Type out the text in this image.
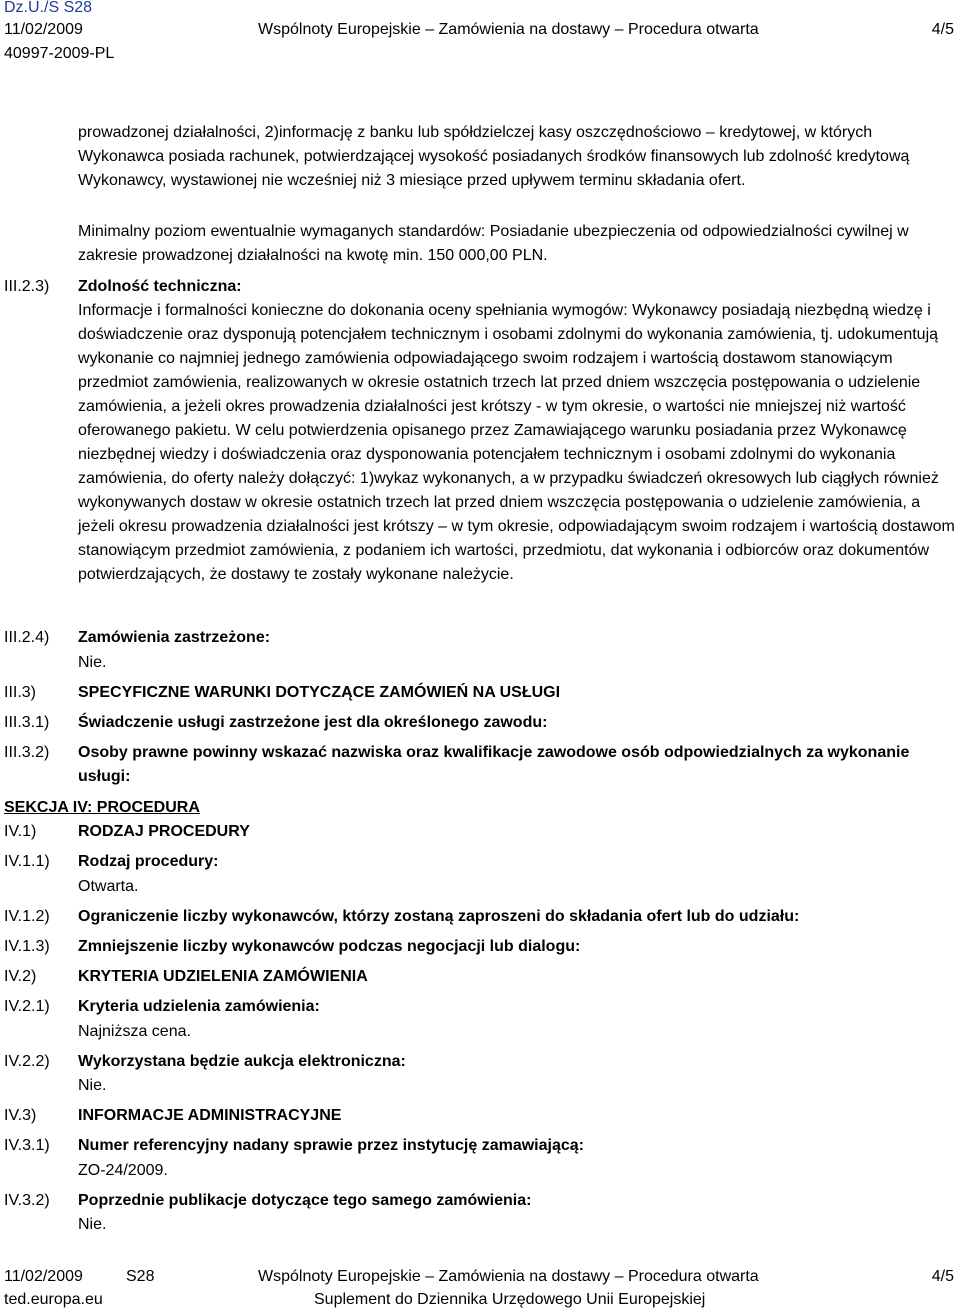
Dz.U./S S28
11/02/2009	Wspólnoty Europejskie – Zamówienia na dostawy – Procedura otwarta	4/5
40997-2009-PL

prowadzonej działalności, 2)informację z banku lub spółdzielczej kasy oszczędnościowo – kredytowej, w których Wykonawca posiada rachunek, potwierdzającej wysokość posiadanych środków finansowych lub zdolność kredytową Wykonawcy, wystawionej nie wcześniej niż 3 miesiące przed upływem terminu składania ofert.

Minimalny poziom ewentualnie wymaganych standardów: Posiadanie ubezpieczenia od odpowiedzialności cywilnej w zakresie prowadzonej działalności na kwotę min. 150 000,00 PLN.

III.2.3) Zdolność techniczna:

Informacje i formalności konieczne do dokonania oceny spełniania wymogów: Wykonawcy posiadają niezbędną wiedzę i doświadczenie oraz dysponują potencjałem technicznym i osobami zdolnymi do wykonania zamówienia, tj. udokumentują wykonanie co najmniej jednego zamówienia odpowiadającego swoim rodzajem i wartością dostawom stanowiącym przedmiot zamówienia, realizowanych w okresie ostatnich trzech lat przed dniem wszczęcia postępowania o udzielenie zamówienia, a jeżeli okres prowadzenia działalności jest krótszy - w tym okresie, o wartości nie mniejszej niż wartość oferowanego pakietu. W celu potwierdzenia opisanego przez Zamawiającego warunku posiadania przez Wykonawcę niezbędnej wiedzy i doświadczenia oraz dysponowania potencjałem technicznym i osobami zdolnymi do wykonania zamówienia, do oferty należy dołączyć: 1)wykaz wykonanych, a w przypadku świadczeń okresowych lub ciągłych również wykonywanych dostaw w okresie ostatnich trzech lat przed dniem wszczęcia postępowania o udzielenie zamówienia, a jeżeli okresu prowadzenia działalności jest krótszy – w tym okresie, odpowiadającym swoim rodzajem i wartością dostawom stanowiącym przedmiot zamówienia, z podaniem ich wartości, przedmiotu, dat wykonania i odbiorców oraz dokumentów potwierdzających, że dostawy te zostały wykonane należycie.

III.2.4) Zamówienia zastrzeżone:

Nie.

III.3)	SPECYFICZNE WARUNKI DOTYCZĄCE ZAMÓWIEŃ NA USŁUGI

III.3.1) Świadczenie usługi zastrzeżone jest dla określonego zawodu:

III.3.2) Osoby prawne powinny wskazać nazwiska oraz kwalifikacje zawodowe osób odpowiedzialnych za wykonanie usługi:

SEKCJA IV: PROCEDURA
IV.1)	RODZAJ PROCEDURY

IV.1.1) Rodzaj procedury:

Otwarta.

IV.1.2) Ograniczenie liczby wykonawców, którzy zostaną zaproszeni do składania ofert lub do udziału:

IV.1.3) Zmniejszenie liczby wykonawców podczas negocjacji lub dialogu:

IV.2)	KRYTERIA UDZIELENIA ZAMÓWIENIA

IV.2.1) Kryteria udzielenia zamówienia:

Najniższa cena.

IV.2.2) Wykorzystana będzie aukcja elektroniczna:

Nie.

IV.3)	INFORMACJE ADMINISTRACYJNE

IV.3.1) Numer referencyjny nadany sprawie przez instytucję zamawiającą:

ZO-24/2009.

IV.3.2) Poprzednie publikacje dotyczące tego samego zamówienia:

Nie.

11/02/2009	S28	Wspólnoty Europejskie – Zamówienia na dostawy – Procedura otwarta	4/5
ted.europa.eu	Suplement do Dziennika Urzędowego Unii Europejskiej
